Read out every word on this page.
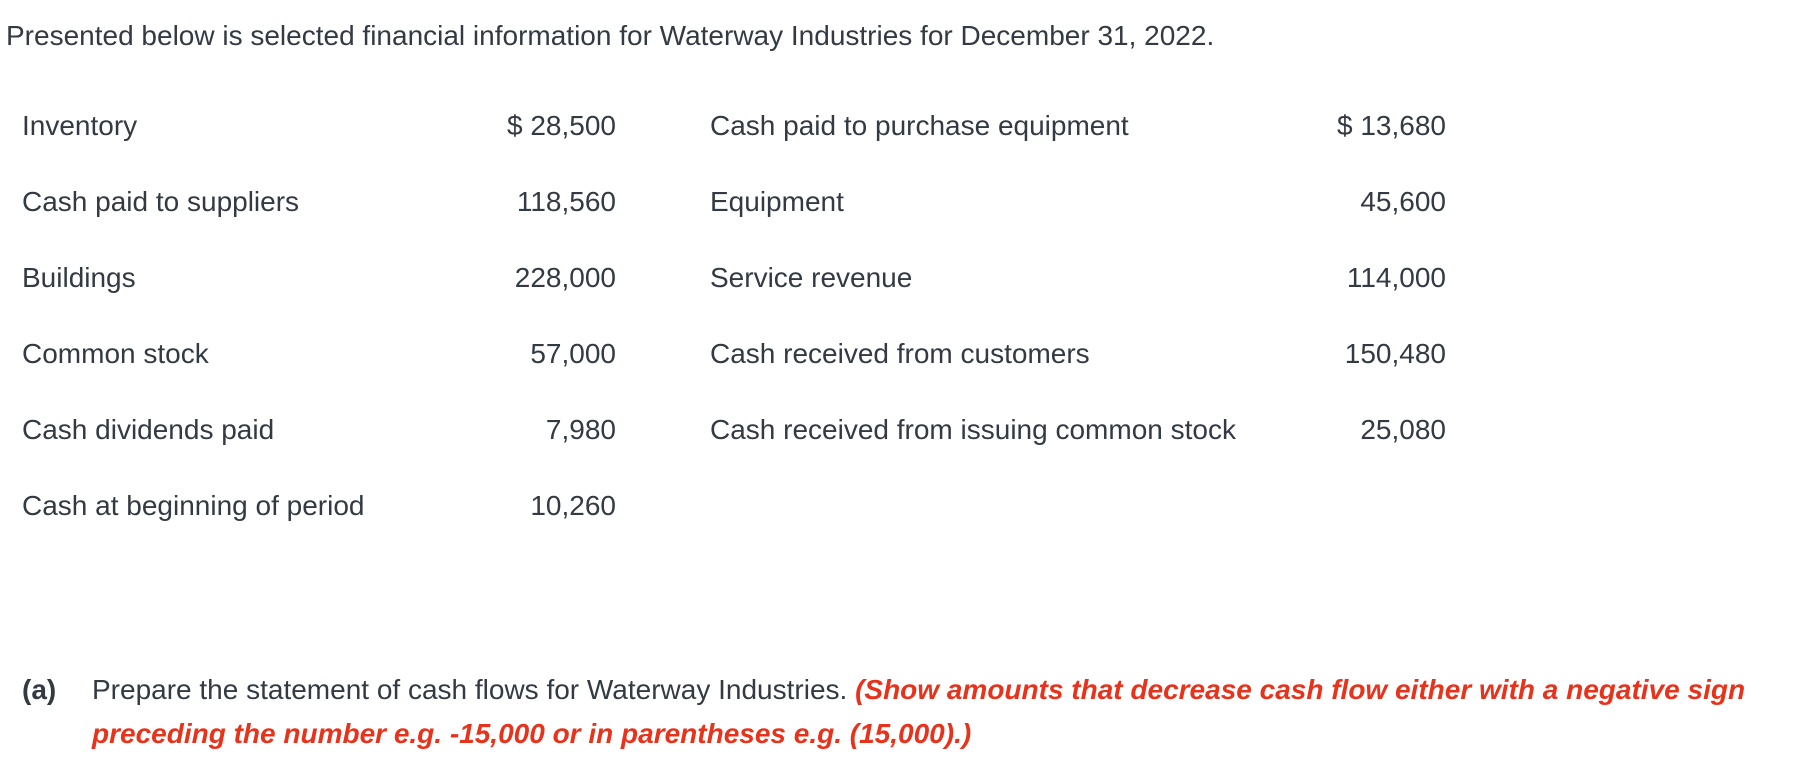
Presented below is selected financial information for Waterway Industries for December 31, 2022.
Inventory	$ 28,500		Cash paid to purchase equipment	$ 13,680
Cash paid to suppliers	118,560		Equipment	45,600
Buildings	228,000		Service revenue	114,000
Common stock	57,000		Cash received from customers	150,480
Cash dividends paid	7,980		Cash received from issuing common stock	25,080
Cash at beginning of period	10,260			
(a) Prepare the statement of cash flows for Waterway Industries. (Show amounts that decrease cash flow either with a negative sign preceding the number e.g. -15,000 or in parentheses e.g. (15,000).)
